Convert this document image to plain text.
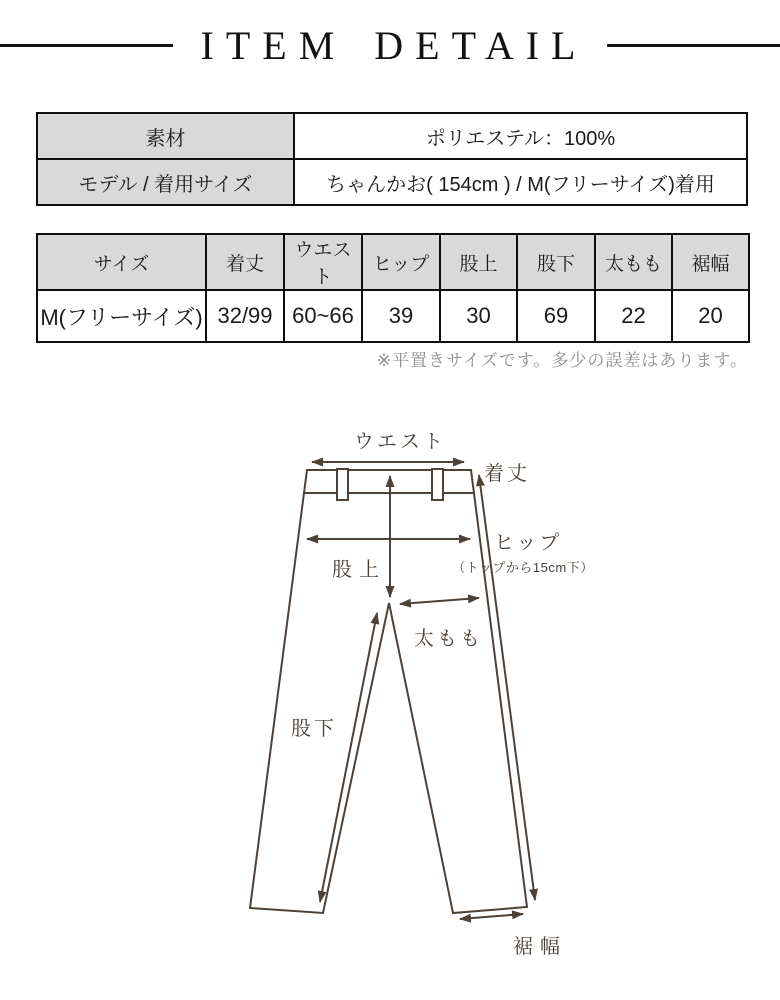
ITEM DETAIL
素材	ポリエステル：100%
モデル / 着用サイズ	ちゃんかお( 154cm ) / M(フリーサイズ)着用
サイズ	着丈	ウエスト	ヒップ	股上	股下	太もも	裾幅
M(フリーサイズ)	32/99	60~66	39	30	69	22	20
※平置きサイズです。多少の誤差はあります。
ウエスト
着丈
ヒップ
（トップから15cm下）
股上
太もも
股下
裾幅
